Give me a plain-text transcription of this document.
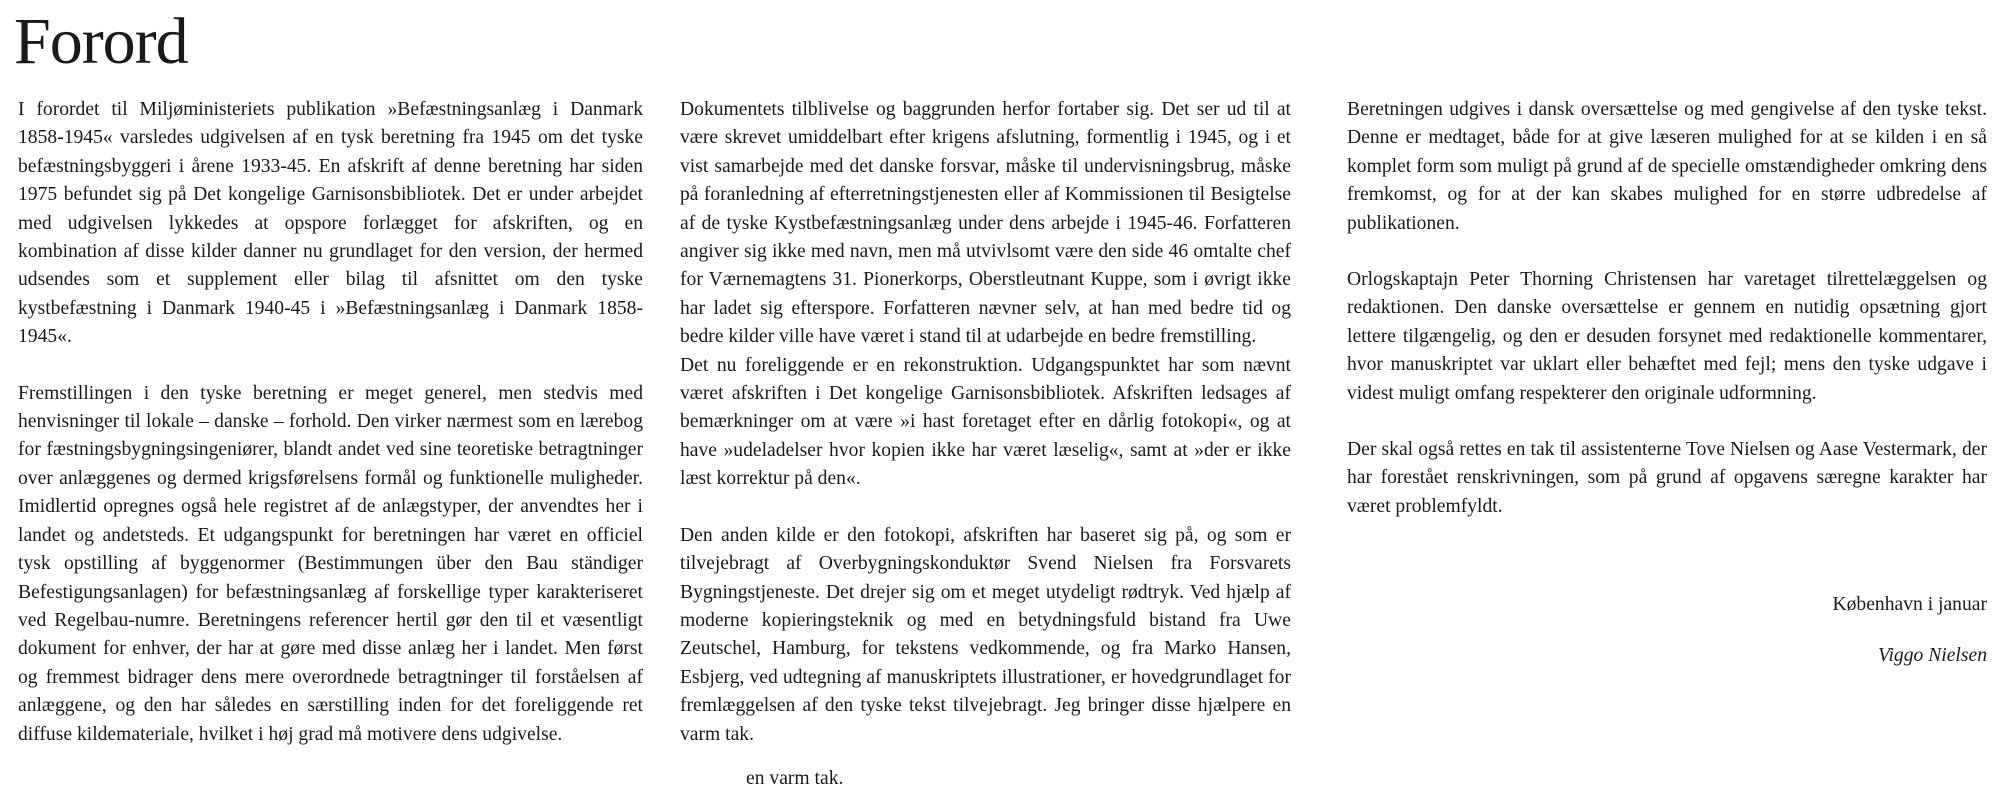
Forord

I forordet til Miljøministeriets publikation »Befæstningsanlæg i Danmark 1858-1945« varsledes udgivelsen af en tysk beretning fra 1945 om det tyske befæstningsbyggeri i årene 1933-45. En afskrift af denne beretning har siden 1975 befundet sig på Det kongelige Garnisonsbibliotek. Det er under arbejdet med udgivelsen lykkedes at opspore forlægget for afskriften, og en kombination af disse kilder danner nu grundlaget for den version, der hermed udsendes som et supplement eller bilag til afsnittet om den tyske kystbefæstning i Danmark 1940-45 i »Befæstningsanlæg i Danmark 1858-1945«.

Fremstillingen i den tyske beretning er meget generel, men stedvis med henvisninger til lokale – danske – forhold. Den virker nærmest som en lærebog for fæstningsbygningsingeniører, blandt andet ved sine teoretiske betragtninger over anlæggenes og dermed krigsførelsens formål og funktionelle muligheder. Imidlertid opregnes også hele registret af de anlægstyper, der anvendtes her i landet og andetsteds. Et udgangspunkt for beretningen har været en officiel tysk opstilling af byggenormer (Bestimmungen über den Bau ständiger Befestigungsanlagen) for befæstningsanlæg af forskellige typer karakteriseret ved Regelbau-numre. Beretningens referencer hertil gør den til et væsentligt dokument for enhver, der har at gøre med disse anlæg her i landet. Men først og fremmest bidrager dens mere overordnede betragtninger til forståelsen af anlæggene, og den har således en særstilling inden for det foreliggende ret diffuse kildemateriale, hvilket i høj grad må motivere dens udgivelse.

Dokumentets tilblivelse og baggrunden herfor fortaber sig. Det ser ud til at være skrevet umiddelbart efter krigens afslutning, formentlig i 1945, og i et vist samarbejde med det danske forsvar, måske til undervisningsbrug, måske på foranledning af efterretningstjenesten eller af Kommissionen til Besigtelse af de tyske Kystbefæstningsanlæg under dens arbejde i 1945-46. Forfatteren angiver sig ikke med navn, men må utvivlsomt være den side 46 omtalte chef for Værnemagtens 31. Pionerkorps, Oberstleutnant Kuppe, som i øvrigt ikke har ladet sig efterspore. Forfatteren nævner selv, at han med bedre tid og bedre kilder ville have været i stand til at udarbejde en bedre fremstilling.

Det nu foreliggende er en rekonstruktion. Udgangspunktet har som nævnt været afskriften i Det kongelige Garnisonsbibliotek. Afskriften ledsages af bemærkninger om at være »i hast foretaget efter en dårlig fotokopi«, og at have »udeladelser hvor kopien ikke har været læselig«, samt at »der er ikke læst korrektur på den«.

Den anden kilde er den fotokopi, afskriften har baseret sig på, og som er tilvejebragt af Overbygningskonduktør Svend Nielsen fra Forsvarets Bygningstjeneste. Det drejer sig om et meget utydeligt rødtryk. Ved hjælp af moderne kopieringsteknik og med en betydningsfuld bistand fra Uwe Zeutschel, Hamburg, for tekstens vedkommende, og fra Marko Hansen, Esbjerg, ved udtegning af manuskriptets illustrationer, er hovedgrundlaget for fremlæggelsen af den tyske tekst tilvejebragt. Jeg bringer disse hjælpere en varm tak.

en varm tak.

Beretningen udgives i dansk oversættelse og med gengivelse af den tyske tekst. Denne er medtaget, både for at give læseren mulighed for at se kilden i en så komplet form som muligt på grund af de specielle omstændigheder omkring dens fremkomst, og for at der kan skabes mulighed for en større udbredelse af publikationen.

Orlogskaptajn Peter Thorning Christensen har varetaget tilrettelæggelsen og redaktionen. Den danske oversættelse er gennem en nutidig opsætning gjort lettere tilgængelig, og den er desuden forsynet med redaktionelle kommentarer, hvor manuskriptet var uklart eller behæftet med fejl; mens den tyske udgave i videst muligt omfang respekterer den originale udformning.

Der skal også rettes en tak til assistenterne Tove Nielsen og Aase Vestermark, der har forestået renskrivningen, som på grund af opgavens særegne karakter har været problemfyldt.

København i januar

Viggo Nielsen
